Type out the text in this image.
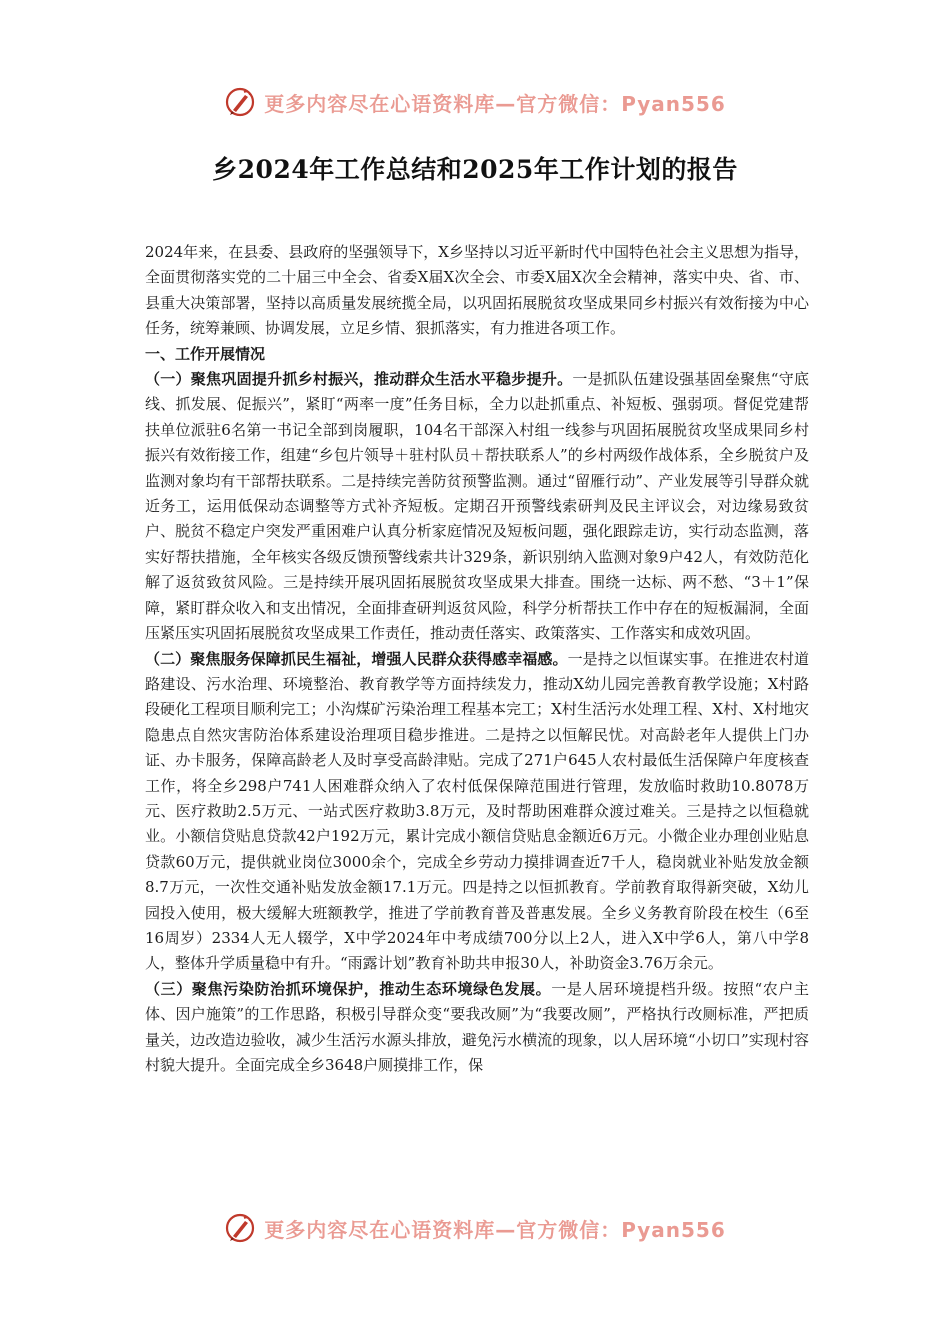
更多内容尽在心语资料库—官方微信：Pyan556
乡2024年工作总结和2025年工作计划的报告

2024年来，在县委、县政府的坚强领导下，X乡坚持以习近平新时代中国特色社会主义思想为指导，全面贯彻落实党的二十届三中全会、省委X届X次全会、市委X届X次全会精神，落实中央、省、市、县重大决策部署，坚持以高质量发展统揽全局，以巩固拓展脱贫攻坚成果同乡村振兴有效衔接为中心任务，统筹兼顾、协调发展，立足乡情、狠抓落实，有力推进各项工作。

一、工作开展情况

（一）聚焦巩固提升抓乡村振兴，推动群众生活水平稳步提升。一是抓队伍建设强基固垒聚焦“守底线、抓发展、促振兴”，紧盯“两率一度”任务目标，全力以赴抓重点、补短板、强弱项。督促党建帮扶单位派驻6名第一书记全部到岗履职，104名干部深入村组一线参与巩固拓展脱贫攻坚成果同乡村振兴有效衔接工作，组建“乡包片领导＋驻村队员＋帮扶联系人”的乡村两级作战体系，全乡脱贫户及监测对象均有干部帮扶联系。二是持续完善防贫预警监测。通过“留雁行动”、产业发展等引导群众就近务工，运用低保动态调整等方式补齐短板。定期召开预警线索研判及民主评议会，对边缘易致贫户、脱贫不稳定户突发严重困难户认真分析家庭情况及短板问题，强化跟踪走访，实行动态监测，落实好帮扶措施，全年核实各级反馈预警线索共计329条，新识别纳入监测对象9户42人，有效防范化解了返贫致贫风险。三是持续开展巩固拓展脱贫攻坚成果大排查。围绕一达标、两不愁、“3＋1”保障，紧盯群众收入和支出情况，全面排查研判返贫风险，科学分析帮扶工作中存在的短板漏洞，全面压紧压实巩固拓展脱贫攻坚成果工作责任，推动责任落实、政策落实、工作落实和成效巩固。

（二）聚焦服务保障抓民生福祉，增强人民群众获得感幸福感。一是持之以恒谋实事。在推进农村道路建设、污水治理、环境整治、教育教学等方面持续发力，推动X幼儿园完善教育教学设施；X村路段硬化工程项目顺利完工；小沟煤矿污染治理工程基本完工；X村生活污水处理工程、X村、X村地灾隐患点自然灾害防治体系建设治理项目稳步推进。二是持之以恒解民忧。对高龄老年人提供上门办证、办卡服务，保障高龄老人及时享受高龄津贴。完成了271户645人农村最低生活保障户年度核查工作，将全乡298户741人困难群众纳入了农村低保保障范围进行管理，发放临时救助10.8078万元、医疗救助2.5万元、一站式医疗救助3.8万元，及时帮助困难群众渡过难关。三是持之以恒稳就业。小额信贷贴息贷款42户192万元，累计完成小额信贷贴息金额近6万元。小微企业办理创业贴息贷款60万元，提供就业岗位3000余个，完成全乡劳动力摸排调查近7千人，稳岗就业补贴发放金额8.7万元，一次性交通补贴发放金额17.1万元。四是持之以恒抓教育。学前教育取得新突破，X幼儿园投入使用，极大缓解大班额教学，推进了学前教育普及普惠发展。全乡义务教育阶段在校生（6至16周岁）2334人无人辍学，X中学2024年中考成绩700分以上2人，进入X中学6人，第八中学8人，整体升学质量稳中有升。“雨露计划”教育补助共申报30人，补助资金3.76万余元。

（三）聚焦污染防治抓环境保护，推动生态环境绿色发展。一是人居环境提档升级。按照“农户主体、因户施策”的工作思路，积极引导群众变“要我改厕”为“我要改厕”，严格执行改厕标准，严把质量关，边改造边验收，减少生活污水源头排放，避免污水横流的现象，以人居环境“小切口”实现村容村貌大提升。全面完成全乡3648户厕摸排工作，保

更多内容尽在心语资料库—官方微信：Pyan556
